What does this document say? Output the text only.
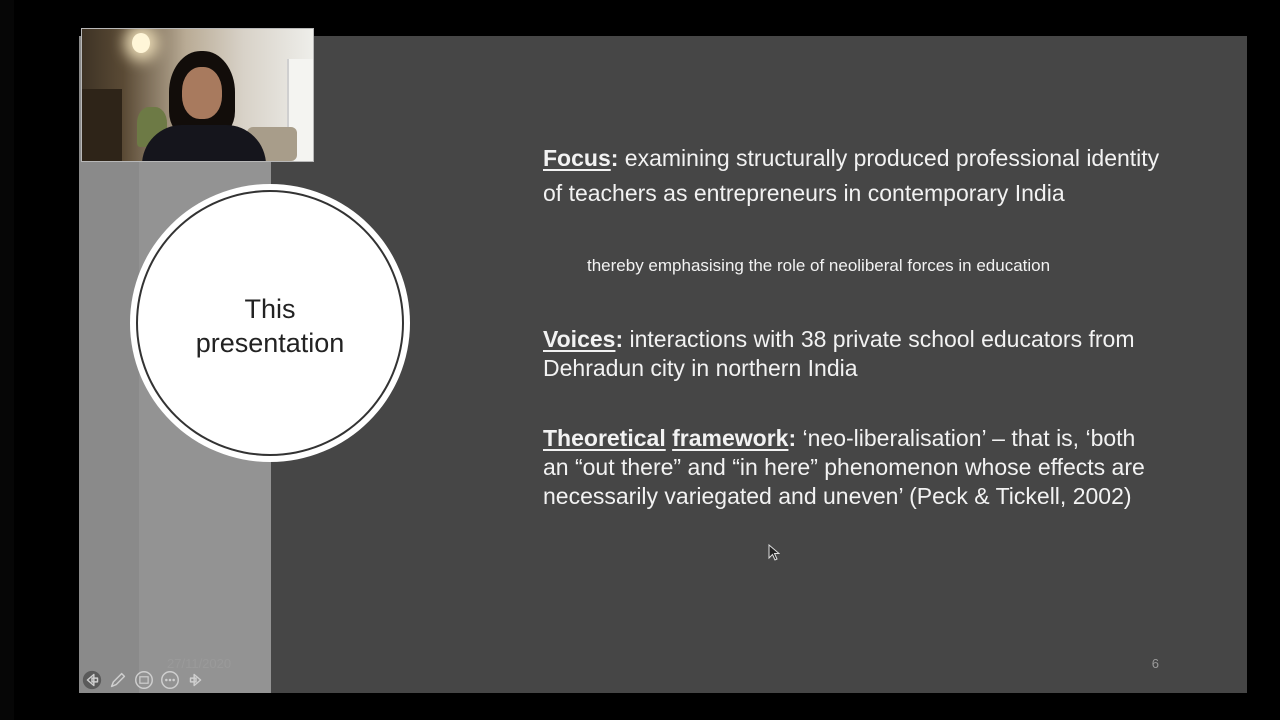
27/11/2020	6
This
presentation
Focus: examining structurally produced professional identity of teachers as entrepreneurs in contemporary India
thereby emphasising the role of neoliberal forces in education
Voices: interactions with 38 private school educators from Dehradun city in northern India
Theoretical framework: ‘neo-liberalisation’ – that is, ‘both an “out there” and “in here” phenomenon whose effects are necessarily variegated and uneven’ (Peck & Tickell, 2002)
